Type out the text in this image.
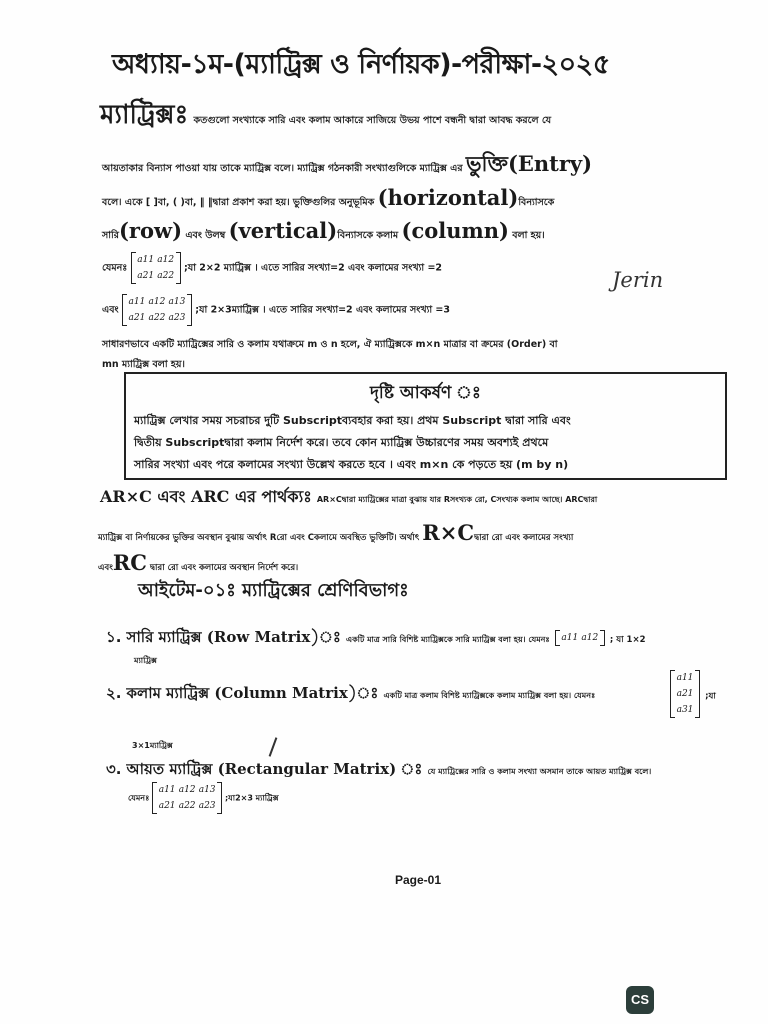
অধ্যায়-১ম-(ম্যাট্রিক্স ও নির্ণায়ক)-পরীক্ষা-২০২৫
ম্যাট্রিক্সঃ কতগুলো সংখ্যাকে সারি এবং কলাম আকারে সাজিয়ে উভয় পাশে বন্ধনী দ্বারা আবদ্ধ করলে যে
আয়তাকার বিন্যাস পাওয়া যায় তাকে ম্যাট্রিক্স বলে। ম্যাট্রিক্স গঠনকারী সংখ্যাগুলিকে ম্যাট্রিক্স এর ভুক্তি(Entry)
বলে। একে [ ]বা, ( )বা, ‖ ‖দ্বারা প্রকাশ করা হয়। ভুক্তিগুলির অনুভূমিক (horizontal)বিন্যাসকে
সারি(row) এবং উলম্ব (vertical)বিন্যাসকে কলাম (column) বলা হয়।
যেমনঃ
a11 a12
a21 a22
;যা 2×2 ম্যাট্রিক্স । এতে সারির সংখ্যা=2 এবং কলামের সংখ্যা =2	Jerin
এবং
a11 a12 a13
a21 a22 a23
;যা 2×3ম্যাট্রিক্স । এতে সারির সংখ্যা=2 এবং কলামের সংখ্যা =3
সাধারণভাবে একটি ম্যাট্রিক্সের সারি ও কলাম যথাক্রমে m ও n হলে, ঐ ম্যাট্রিক্সকে m×n মাত্রার বা ক্রমের (Order) বা
mn ম্যাট্রিক্স বলা হয়।
দৃষ্টি আকর্ষণ ঃ
ম্যাট্রিক্স লেখার সময় সচরাচর দুটি Subscriptব্যবহার করা হয়। প্রথম Subscript দ্বারা সারি এবং
দ্বিতীয় Subscriptদ্বারা কলাম নির্দেশ করে। তবে কোন ম্যাট্রিক্স উচ্চারণের সময় অবশ্যই প্রথমে
সারির সংখ্যা এবং পরে কলামের সংখ্যা উল্লেখ করতে হবে । এবং m×n কে পড়তে হয় (m by n)
AR×C এবং ARC এর পার্থক্যঃ AR×Cদ্বারা ম্যাট্রিক্সের মাত্রা বুঝায় যার Rসংখ্যক রো, Cসংখ্যক কলাম আছে। ARCদ্বারা
ম্যাট্রিক্স বা নির্ণায়কের ভুক্তির অবস্থান বুঝায় অর্থাৎ Rরো এবং Cকলামে অবস্থিত ভুক্তিটি। অর্থাৎ R×Cদ্বারা রো এবং কলামের সংখ্যা
এবংRC দ্বারা রো এবং কলামের অবস্থান নির্দেশ করে।
আইটেম-০১ঃ ম্যাট্রিক্সের শ্রেণিবিভাগঃ
১. সারি ম্যাট্রিক্স (Row Matrix)ঃ একটি মাত্র সারি বিশিষ্ট ম্যাট্রিক্সকে সারি ম্যাট্রিক্স বলা হয়। যেমনঃ a11 a12 ; যা 1×2
ম্যাট্রিক্স
২. কলাম ম্যাট্রিক্স (Column Matrix)ঃ একটি মাত্র কলাম বিশিষ্ট ম্যাট্রিক্সকে কলাম ম্যাট্রিক্স বলা হয়। যেমনঃ
a11
a21
a31
;যা
3×1ম্যাট্রিক্স
৩. আয়ত ম্যাট্রিক্স (Rectangular Matrix) ঃ যে ম্যাট্রিক্সের সারি ও কলাম সংখ্যা অসমান তাকে আয়ত ম্যাট্রিক্স বলে।
যেমনঃ
a11 a12 a13
a21 a22 a23
;যা2×3 ম্যাট্রিক্স
Page-01
CS
